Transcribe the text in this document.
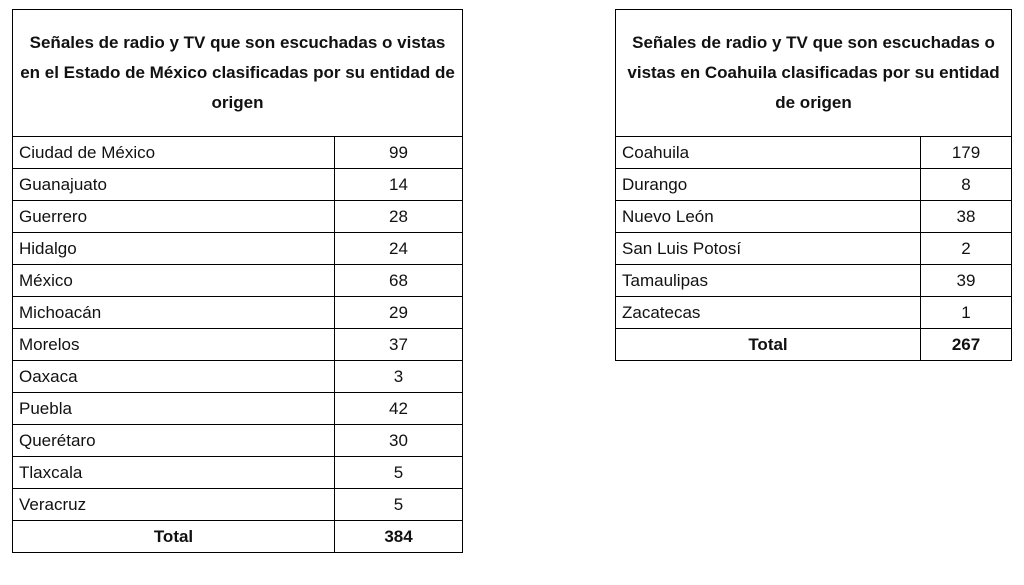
Señales de radio y TV que son escuchadas o vistas en el Estado de México clasificadas por su entidad de origen	
Ciudad de México	99
Guanajuato	14
Guerrero	28
Hidalgo	24
México	68
Michoacán	29
Morelos	37
Oaxaca	3
Puebla	42
Querétaro	30
Tlaxcala	5
Veracruz	5
Total	384
Señales de radio y TV que son escuchadas o vistas en Coahuila clasificadas por su entidad de origen	
Coahuila	179
Durango	8
Nuevo León	38
San Luis Potosí	2
Tamaulipas	39
Zacatecas	1
Total	267
